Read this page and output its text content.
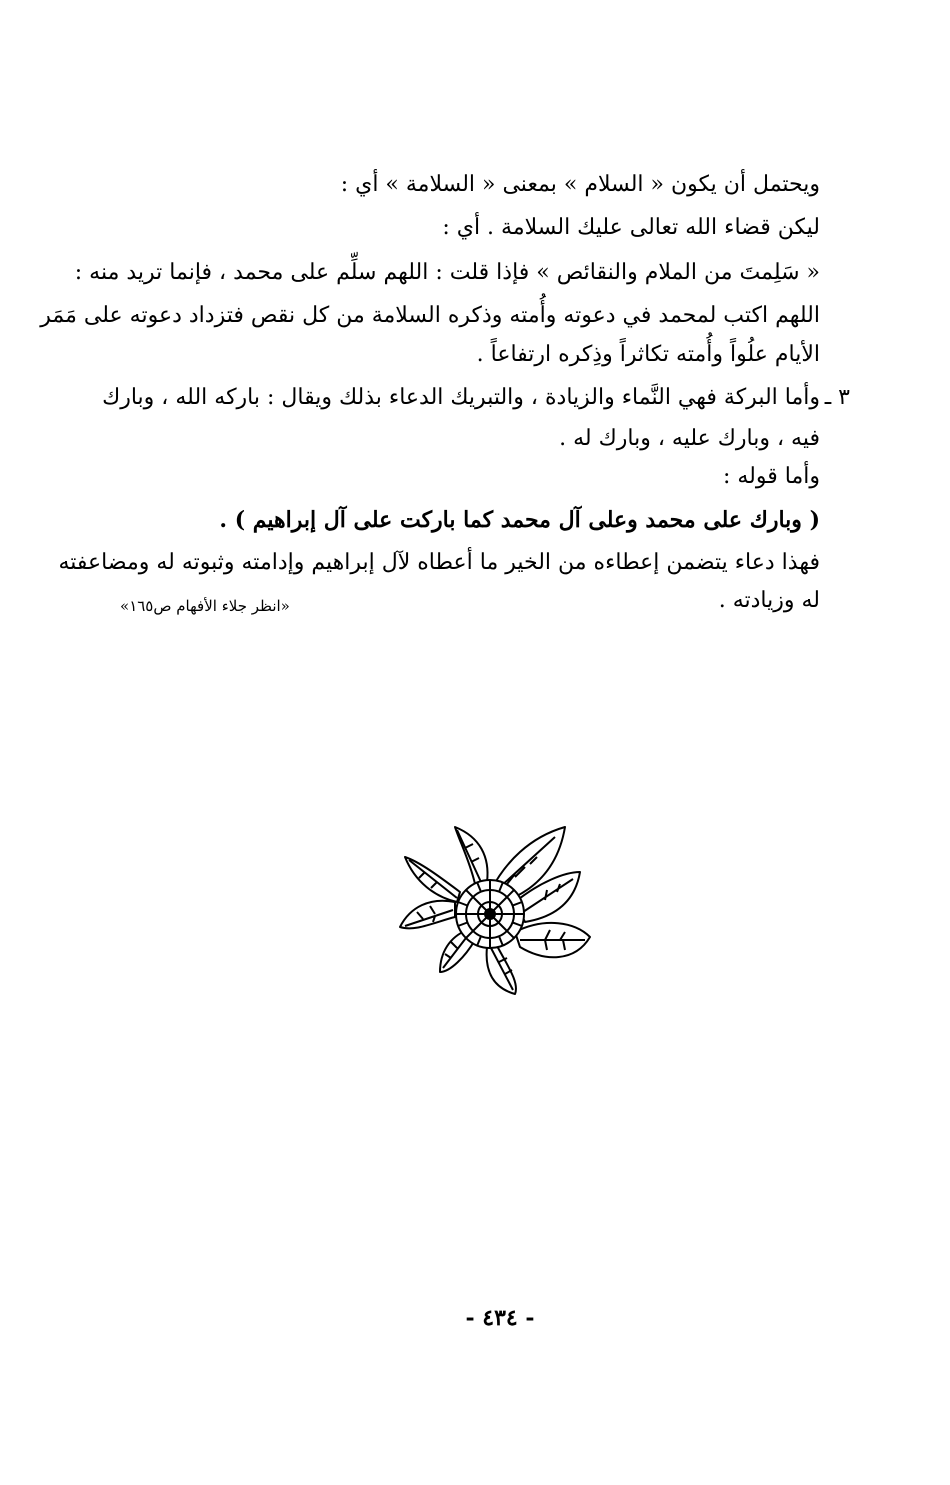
ويحتمل أن يكون « السلام » بمعنى « السلامة » أي :
ليكن قضاء الله تعالى عليك السلامة . أي :
« سَلِمتَ من الملام والنقائص » فإذا قلت : اللهم سلِّم على محمد ، فإنما تريد منه :
اللهم اكتب لمحمد في دعوته وأُمته وذكره السلامة من كل نقص فتزداد دعوته على مَمَر
الأيام علُواً وأُمته تكاثراً وذِكره ارتفاعاً .
٣ ـ
وأما البركة فهي النَّماء والزيادة ، والتبريك الدعاء بذلك ويقال : باركه الله ، وبارك
فيه ، وبارك عليه ، وبارك له .
وأما قوله :
( وبارك على محمد وعلى آل محمد كما باركت على آل إبراهيم ) .
فهذا دعاء يتضمن إعطاءه من الخير ما أعطاه لآل إبراهيم وإدامته وثبوته له ومضاعفته
له وزيادته .
«انظر جلاء الأفهام ص١٦٥»
- ٤٣٤ -
